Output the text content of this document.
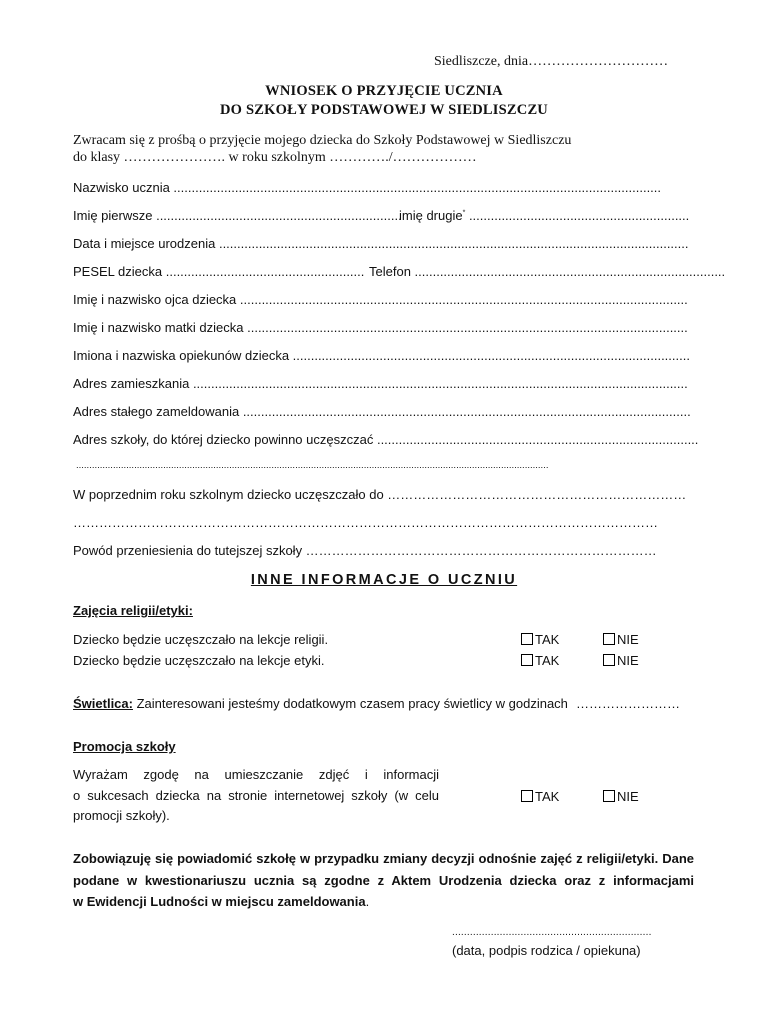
Siedliszcze, dnia…………………………
WNIOSEK O PRZYJĘCIE UCZNIA
DO SZKOŁY PODSTAWOWEJ W SIEDLISZCZU
Zwracam się z prośbą o przyjęcie mojego dziecka do Szkoły Podstawowej w Siedliszczu
do klasy …………………. w roku szkolnym …………./………………
Nazwisko ucznia .......................................................................................................................................
Imię pierwsze ....................................................................
imię drugie* .............................................................
Data i miejsce urodzenia ..................................................................................................................................
PESEL dziecka ....................................................... Telefon ......................................................................................
Imię i nazwisko ojca dziecka ............................................................................................................................
Imię i nazwisko matki dziecka ..........................................................................................................................
Imiona i nazwiska opiekunów dziecka ..............................................................................................................
Adres zamieszkania .........................................................................................................................................
Adres stałego zameldowania ............................................................................................................................
Adres szkoły, do której dziecko powinno uczęszczać .........................................................................................
...................................................................................................................................................................................
W poprzednim roku szkolnym dziecko uczęszczało do ……………………………………………………………
………………………………………………………………………………………………………………………
Powód przeniesienia do tutejszej szkoły ………………………………………………………………………
INNE INFORMACJE O UCZNIU
Zajęcia religii/etyki:
Dziecko będzie uczęszczało na lekcje religii.	TAK	NIE
Dziecko będzie uczęszczało na lekcje etyki.	TAK	NIE
Świetlica: Zainteresowani jesteśmy dodatkowym czasem pracy świetlicy w godzinach ……………………
Promocja szkoły

Wyrażam zgodę na umieszczanie zdjęć i informacji

o sukcesach dziecka na stronie internetowej szkoły (w celu

promocji szkoły).

TAK	NIE

Zobowiązuję się powiadomić szkołę w przypadku zmiany decyzji odnośnie zajęć z religii/etyki. Dane

podane w kwestionariuszu ucznia są zgodne z Aktem Urodzenia dziecka oraz z informacjami

w Ewidencji Ludności w miejscu zameldowania.

...................................................................
(data, podpis rodzica / opiekuna)
